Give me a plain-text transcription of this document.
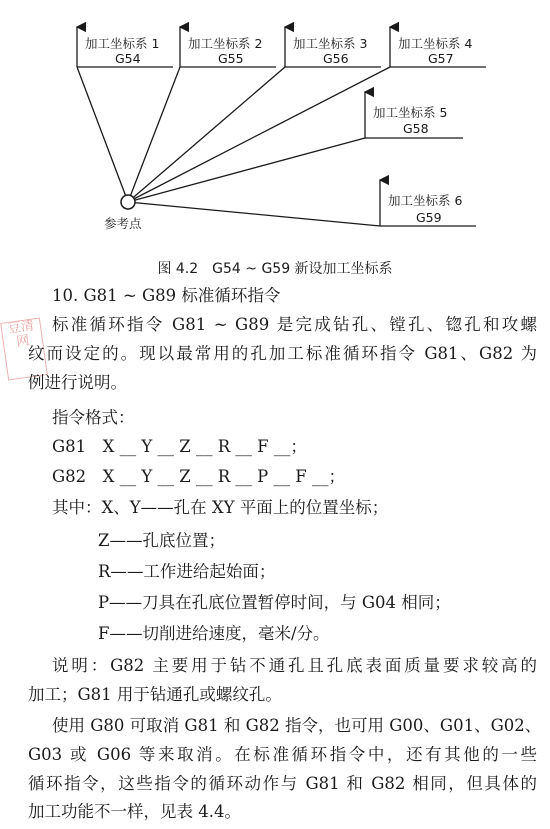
加工坐标系 1
G54
加工坐标系 2
G55
加工坐标系 3
G56
加工坐标系 4
G57
加工坐标系 5
G58
加工坐标系 6
G59
参考点
图 4.2　G54 ~ G59 新设加工坐标系
豆清网
10. G81 ~ G89 标准循环指令
标准循环指令 G81 ~ G89 是完成钻孔、镗孔、锪孔和攻螺
纹而设定的。现以最常用的孔加工标准循环指令 G81、G82 为
例进行说明。
指令格式：
G81　X __ Y __ Z __ R __ F __；
G82　X __ Y __ Z __ R __ P __ F __；
其中：X、Y——孔在 XY 平面上的位置坐标；
Z——孔底位置；
R——工作进给起始面；
P——刀具在孔底位置暂停时间，与 G04 相同；
F——切削进给速度，毫米/分。
说明：G82 主要用于钻不通孔且孔底表面质量要求较高的
加工；G81 用于钻通孔或螺纹孔。
使用 G80 可取消 G81 和 G82 指令，也可用 G00、G01、G02、
G03 或 G06 等来取消。在标准循环指令中，还有其他的一些
循环指令，这些指令的循环动作与 G81 和 G82 相同，但具体的
加工功能不一样，见表 4.4。
